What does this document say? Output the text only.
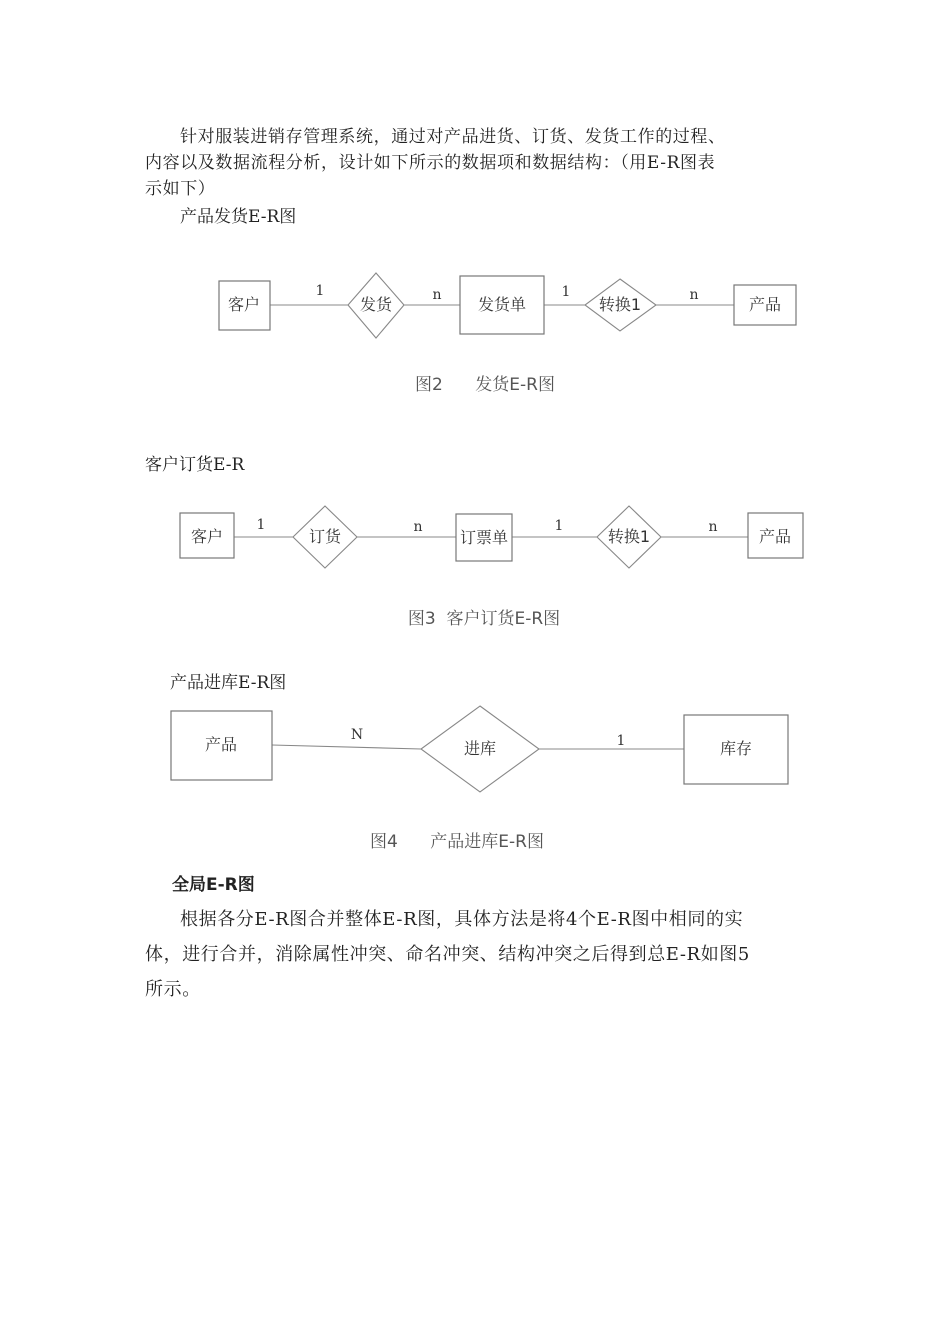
针对服装进销存管理系统，通过对产品进货、订货、发货工作的过程、
内容以及数据流程分析，设计如下所示的数据项和数据结构：（用E-R图表
示如下）
产品发货E-R图
客户	发货	发货单	转换1	产品
1	n	1	n
图2      发货E-R图
客户	订货	订票单	转换1	产品
1	n	1	n
图3  客户订货E-R图
产品	进库	库存
N	1
图4      产品进库E-R图
客户订货E-R
产品进库E-R图
全局E-R图
根据各分E-R图合并整体E-R图，具体方法是将4个E-R图中相同的实
体，进行合并，消除属性冲突、命名冲突、结构冲突之后得到总E-R如图5
所示。
